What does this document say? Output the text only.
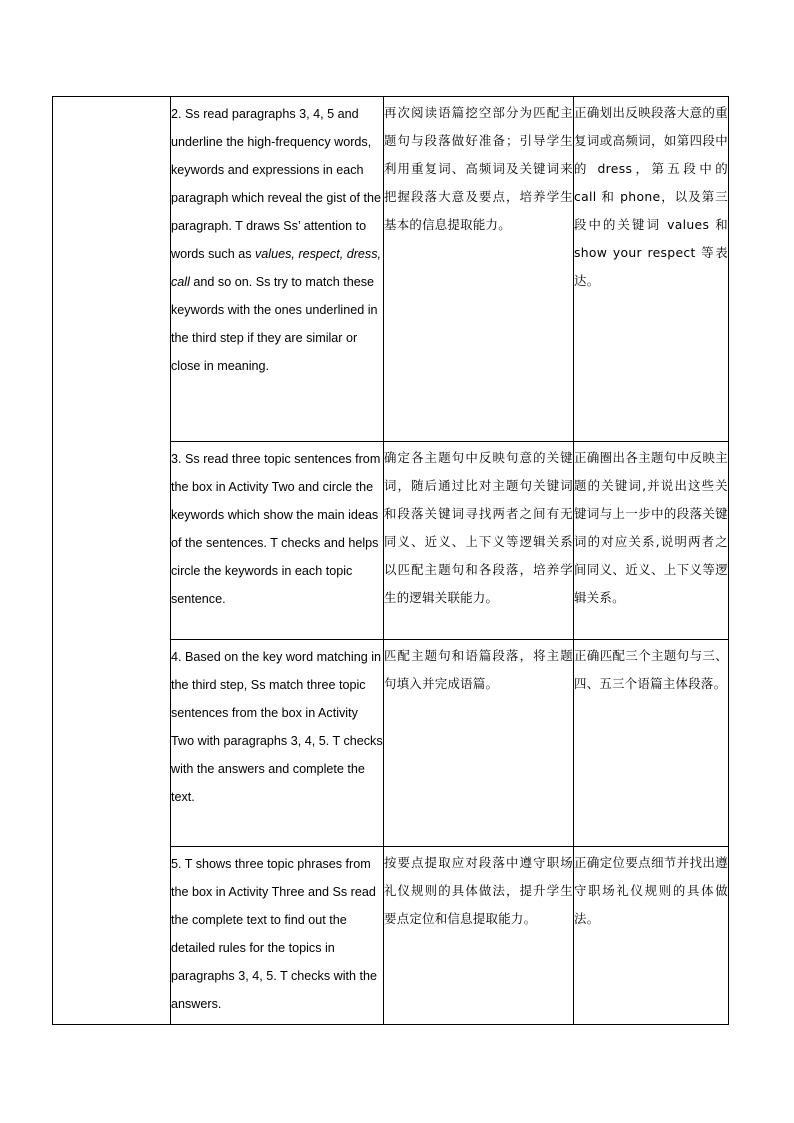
	2. Ss read paragraphs 3, 4, 5 and underline the high-frequency words, keywords and expressions in each paragraph which reveal the gist of the paragraph. T draws Ss’ attention to words such as values, respect, dress, call and so on. Ss try to match these keywords with the ones underlined in the third step if they are similar or close in meaning.	再次阅读语篇挖空部分为匹配主题句与段落做好准备；引导学生利用重复词、高频词及关键词来把握段落大意及要点，培养学生基本的信息提取能力。	正确划出反映段落大意的重复词或高频词，如第四段中的 dress，第五段中的 call 和 phone，以及第三段中的关键词 values 和 show your respect 等表达。

	3. Ss read three topic sentences from the box in Activity Two and circle the keywords which show the main ideas of the sentences. T checks and helps circle the keywords in each topic sentence.	确定各主题句中反映句意的关键词，随后通过比对主题句关键词和段落关键词寻找两者之间有无同义、近义、上下义等逻辑关系以匹配主题句和各段落，培养学生的逻辑关联能力。	正确圈出各主题句中反映主题的关键词,并说出这些关键词与上一步中的段落关键词的对应关系,说明两者之间同义、近义、上下义等逻辑关系。

	4. Based on the key word matching in the third step, Ss match three topic sentences from the box in Activity Two with paragraphs 3, 4, 5. T checks with the answers and complete the text.	匹配主题句和语篇段落，将主题句填入并完成语篇。	正确匹配三个主题句与三、四、五三个语篇主体段落。

	5. T shows three topic phrases from the box in Activity Three and Ss read the complete text to find out the detailed rules for the topics in paragraphs 3, 4, 5. T checks with the answers.	按要点提取应对段落中遵守职场礼仪规则的具体做法，提升学生要点定位和信息提取能力。	正确定位要点细节并找出遵守职场礼仪规则的具体做法。
